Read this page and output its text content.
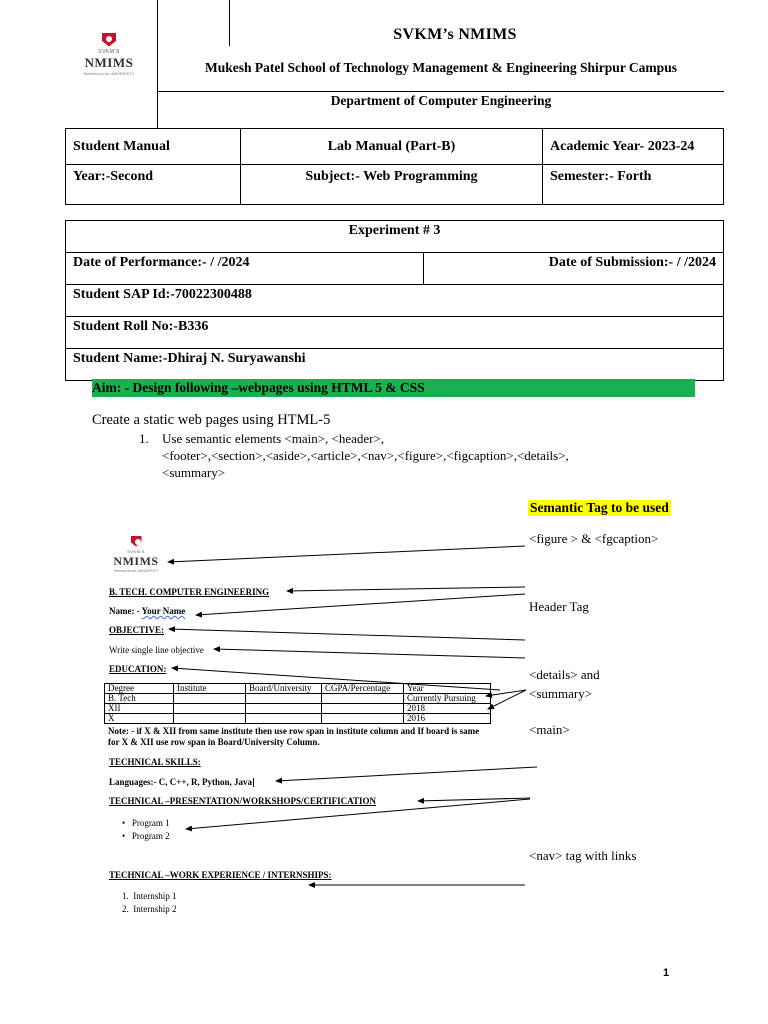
SVKM'S
NMIMS
Deemed-to-be UNIVERSITY
SVKM’s NMIMS
Mukesh Patel School of Technology Management & Engineering Shirpur Campus
Department of Computer Engineering
Student Manual	Lab Manual (Part-B)	Academic Year- 2023-24
Year:-Second	Subject:- Web Programming	Semester:- Forth
Experiment # 3
Date of Performance:- / /2024	Date of Submission:- / /2024
Student SAP Id:-70022300488
Student Roll No:-B336
Student Name:-Dhiraj N. Suryawanshi
Aim: - Design following –webpages using HTML 5 & CSS
Create a static web pages using HTML-5
1. Use semantic elements <main>, <header>,
<footer>,<section>,<aside>,<article>,<nav>,<figure>,<figcaption>,<details>,
<summary>
Semantic Tag to be used
<figure > & <fgcaption>
Header Tag
<details> and
<summary>
<main>
<nav> tag with links
SVKM'S
NMIMS
Deemed-to-be UNIVERSITY
B. TECH. COMPUTER ENGINEERING
Name: - Your Name
OBJECTIVE:
Write single line objective
EDUCATION:
Degree	Institute	Board/University	CGPA/Percentage	Year
B. Tech				Currently Pursuing
XII				2018
X				2016
Note: - if X & XII from same institute then use row span in institute column and If board is same for X & XII use row span in Board/University Column.
TECHNICAL SKILLS:
Languages:- C, C++, R, Python, Java
TECHNICAL –PRESENTATION/WORKSHOPS/CERTIFICATION
•   Program 1
•   Program 2
TECHNICAL –WORK EXPERIENCE / INTERNSHIPS:
1.  Internship 1
2.  Internship 2
1
